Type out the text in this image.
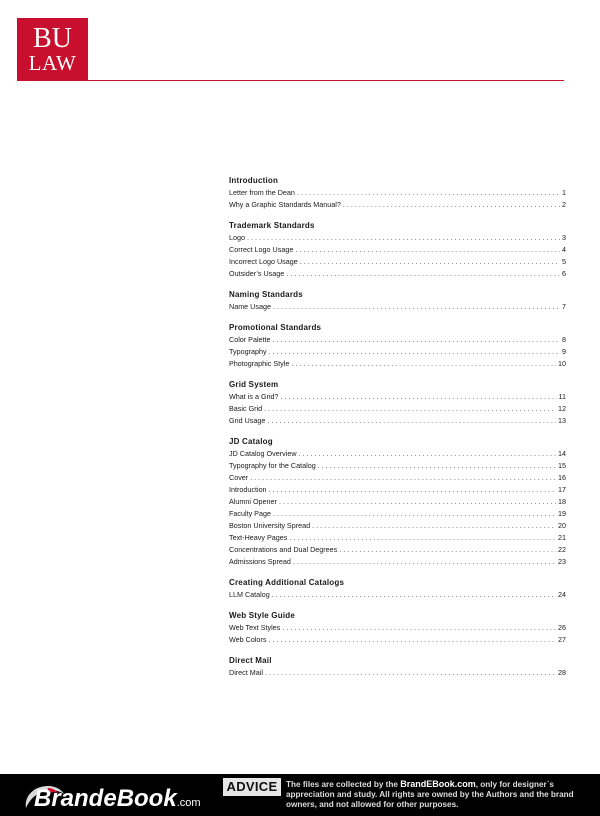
BU
LAW
Introduction
Letter from the Dean . . .	1
Why a Graphic Standards Manual? . . .	2
Trademark Standards
Logo . . .	3
Correct Logo Usage . . .	4
Incorrect Logo Usage . . .	5
Outsider’s Usage . . .	6
Naming Standards
Name Usage . . .	7
Promotional Standards
Color Palette . . .	8
Typography . . .	9
Photographic Style . . .	10
Grid System
What is a Grid? . . .	11
Basic Grid . . .	12
Grid Usage . . .	13
JD Catalog
JD Catalog Overview . . .	14
Typography for the Catalog . . .	15
Cover . . .	16
Introduction . . .	17
Alumni Opener . . .	18
Faculty Page . . .	19
Boston University Spread . . .	20
Text-Heavy Pages . . .	21
Concentrations and Dual Degrees . . .	22
Admissions Spread . . .	23
Creating Additional Catalogs
LLM Catalog . . .	24
Web Style Guide
Web Text Styles . . .	26
Web Colors . . .	27
Direct Mail
Direct Mail . . .	28
BrandeBook.com
ADVICE	The files are collected by the BrandEBook.com, only for designer`s appreciation and study. All rights are owned by the Authors and the brand owners, and not allowed for other purposes.
